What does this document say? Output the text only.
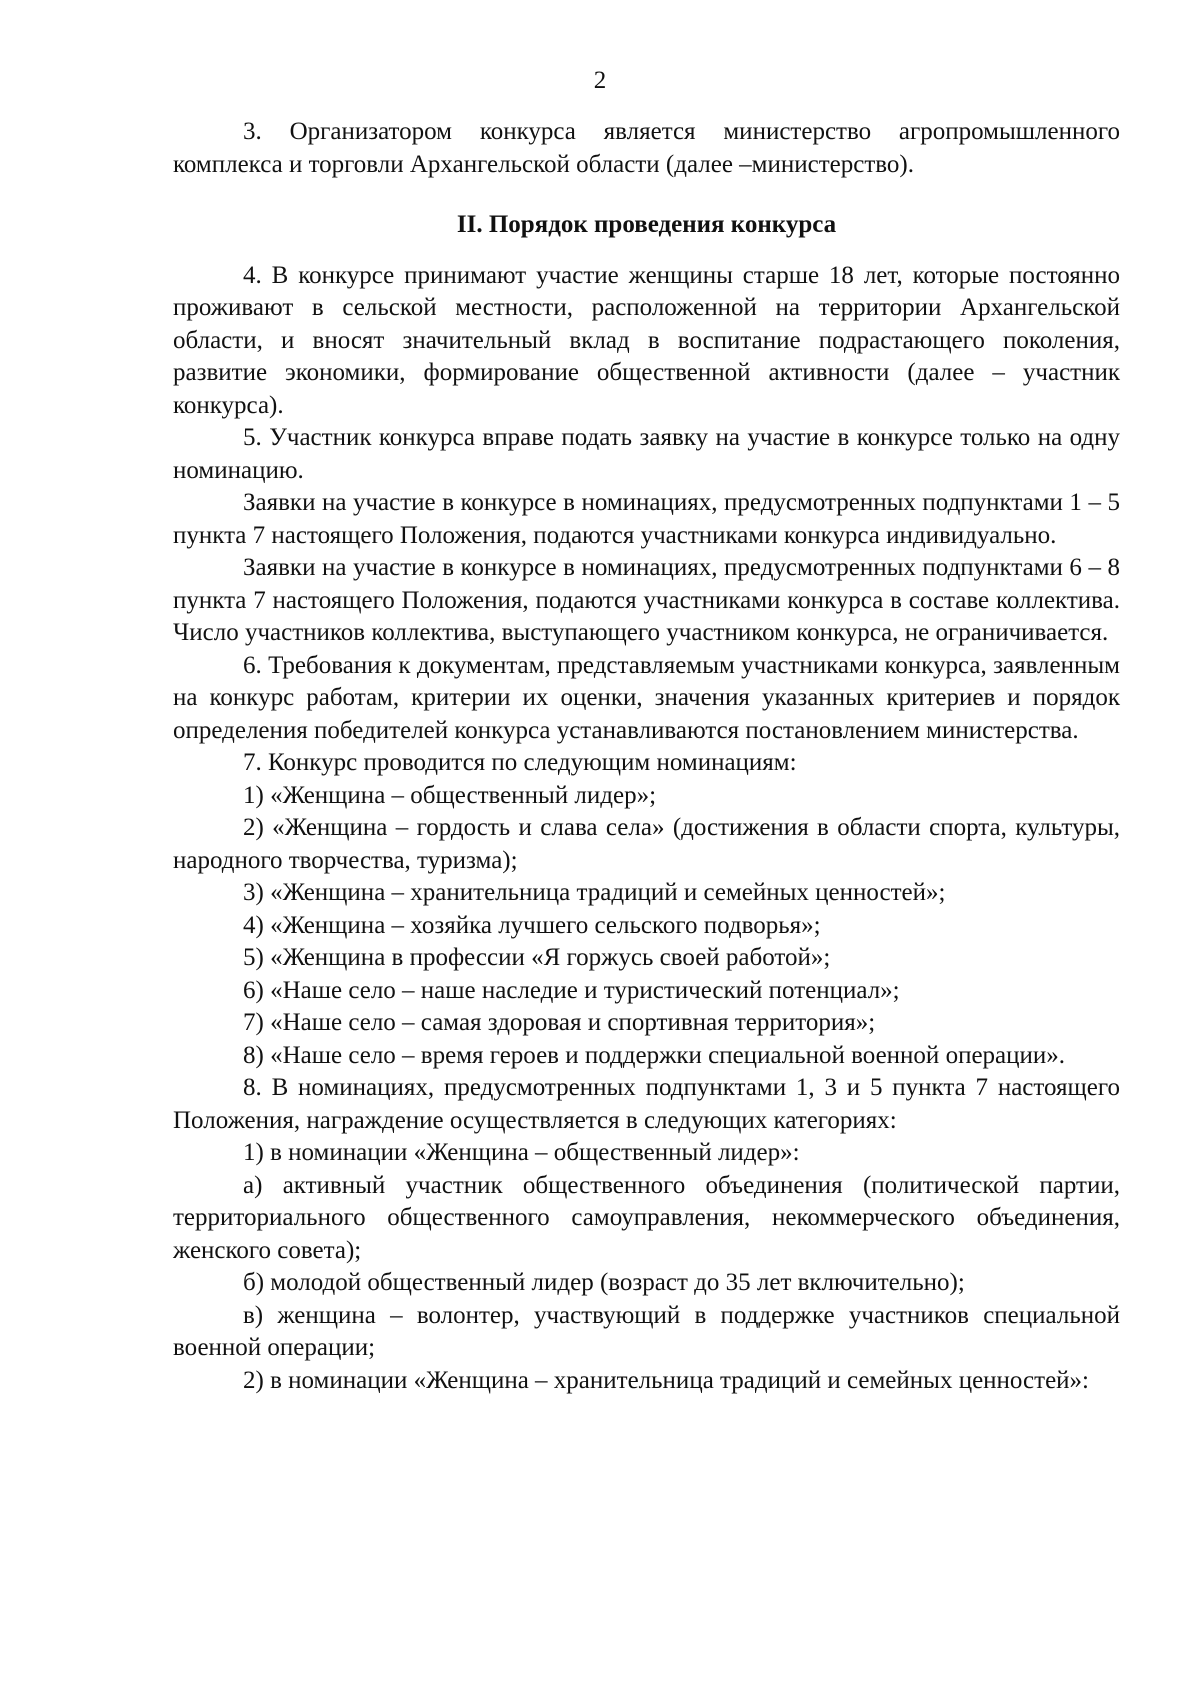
2

3. Организатором конкурса является министерство агропромышленного комплекса и торговли Архангельской области (далее –министерство).

II. Порядок проведения конкурса

4. В конкурсе принимают участие женщины старше 18 лет, которые постоянно проживают в сельской местности, расположенной на территории Архангельской области, и вносят значительный вклад в воспитание подрастающего поколения, развитие экономики, формирование общественной активности (далее – участник конкурса).

5. Участник конкурса вправе подать заявку на участие в конкурсе только на одну номинацию.

Заявки на участие в конкурсе в номинациях, предусмотренных подпунктами 1 – 5 пункта 7 настоящего Положения, подаются участниками конкурса индивидуально.

Заявки на участие в конкурсе в номинациях, предусмотренных подпунктами 6 – 8 пункта 7 настоящего Положения, подаются участниками конкурса в составе коллектива. Число участников коллектива, выступающего участником конкурса, не ограничивается.

6. Требования к документам, представляемым участниками конкурса, заявленным на конкурс работам, критерии их оценки, значения указанных критериев и порядок определения победителей конкурса устанавливаются постановлением министерства.

7. Конкурс проводится по следующим номинациям:

1) «Женщина – общественный лидер»;

2) «Женщина – гордость и слава села» (достижения в области спорта, культуры, народного творчества, туризма);

3) «Женщина – хранительница традиций и семейных ценностей»;

4) «Женщина – хозяйка лучшего сельского подворья»;

5) «Женщина в профессии «Я горжусь своей работой»;

6) «Наше село – наше наследие и туристический потенциал»;

7) «Наше село – самая здоровая и спортивная территория»;

8) «Наше село – время героев и поддержки специальной военной операции».

8. В номинациях, предусмотренных подпунктами 1, 3 и 5 пункта 7 настоящего Положения, награждение осуществляется в следующих категориях:

1) в номинации «Женщина – общественный лидер»:

а) активный участник общественного объединения (политической партии, территориального общественного самоуправления, некоммерческого объединения, женского совета);

б) молодой общественный лидер (возраст до 35 лет включительно);

в) женщина – волонтер, участвующий в поддержке участников специальной военной операции;

2) в номинации «Женщина – хранительница традиций и семейных ценностей»:
